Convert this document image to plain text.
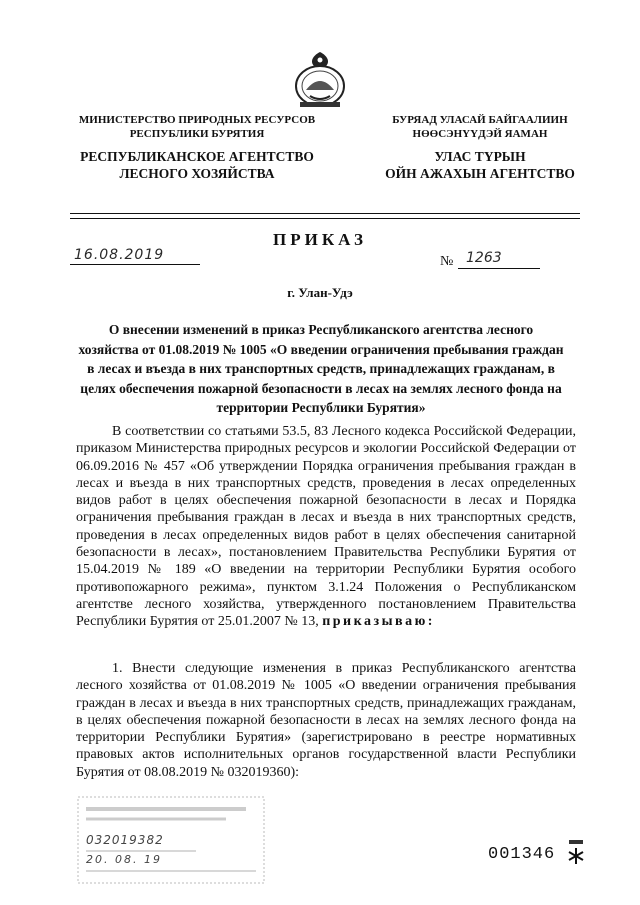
МИНИСТЕРСТВО ПРИРОДНЫХ РЕСУРСОВ
РЕСПУБЛИКИ БУРЯТИЯ
БУРЯАД УЛАСАЙ БАЙГААЛИИН
НӨӨСЭНҮҮДЭЙ ЯАМАН
РЕСПУБЛИКАНСКОЕ АГЕНТСТВО
ЛЕСНОГО ХОЗЯЙСТВА
УЛАС ТҮРЫН
ОЙН АЖАХЫН АГЕНТСТВО
ПРИКАЗ
16.08.2019	№ 1263
г. Улан-Удэ
О внесении изменений в приказ Республиканского агентства лесного хозяйства от 01.08.2019 № 1005 «О введении ограничения пребывания граждан в лесах и въезда в них транспортных средств, принадлежащих гражданам, в целях обеспечения пожарной безопасности в лесах на землях лесного фонда на территории Республики Бурятия»
В соответствии со статьями 53.5, 83 Лесного кодекса Российской Федерации, приказом Министерства природных ресурсов и экологии Российской Федерации от 06.09.2016 № 457 «Об утверждении Порядка ограничения пребывания граждан в лесах и въезда в них транспортных средств, проведения в лесах определенных видов работ в целях обеспечения пожарной безопасности в лесах и Порядка ограничения пребывания граждан в лесах и въезда в них транспортных средств, проведения в лесах определенных видов работ в целях обеспечения санитарной безопасности в лесах», постановлением Правительства Республики Бурятия от 15.04.2019 № 189 «О введении на территории Республики Бурятия особого противопожарного режима», пунктом 3.1.24 Положения о Республиканском агентстве лесного хозяйства, утвержденного постановлением Правительства Республики Бурятия от 25.01.2007 № 13, приказываю:
1. Внести следующие изменения в приказ Республиканского агентства лесного хозяйства от 01.08.2019 № 1005 «О введении ограничения пребывания граждан в лесах и въезда в них транспортных средств, принадлежащих гражданам, в целях обеспечения пожарной безопасности в лесах на землях лесного фонда на территории Республики Бурятия» (зарегистрировано в реестре нормативных правовых актов исполнительных органов государственной власти Республики Бурятия от 08.08.2019 № 032019360):
032019382
20. 08. 19	001346
